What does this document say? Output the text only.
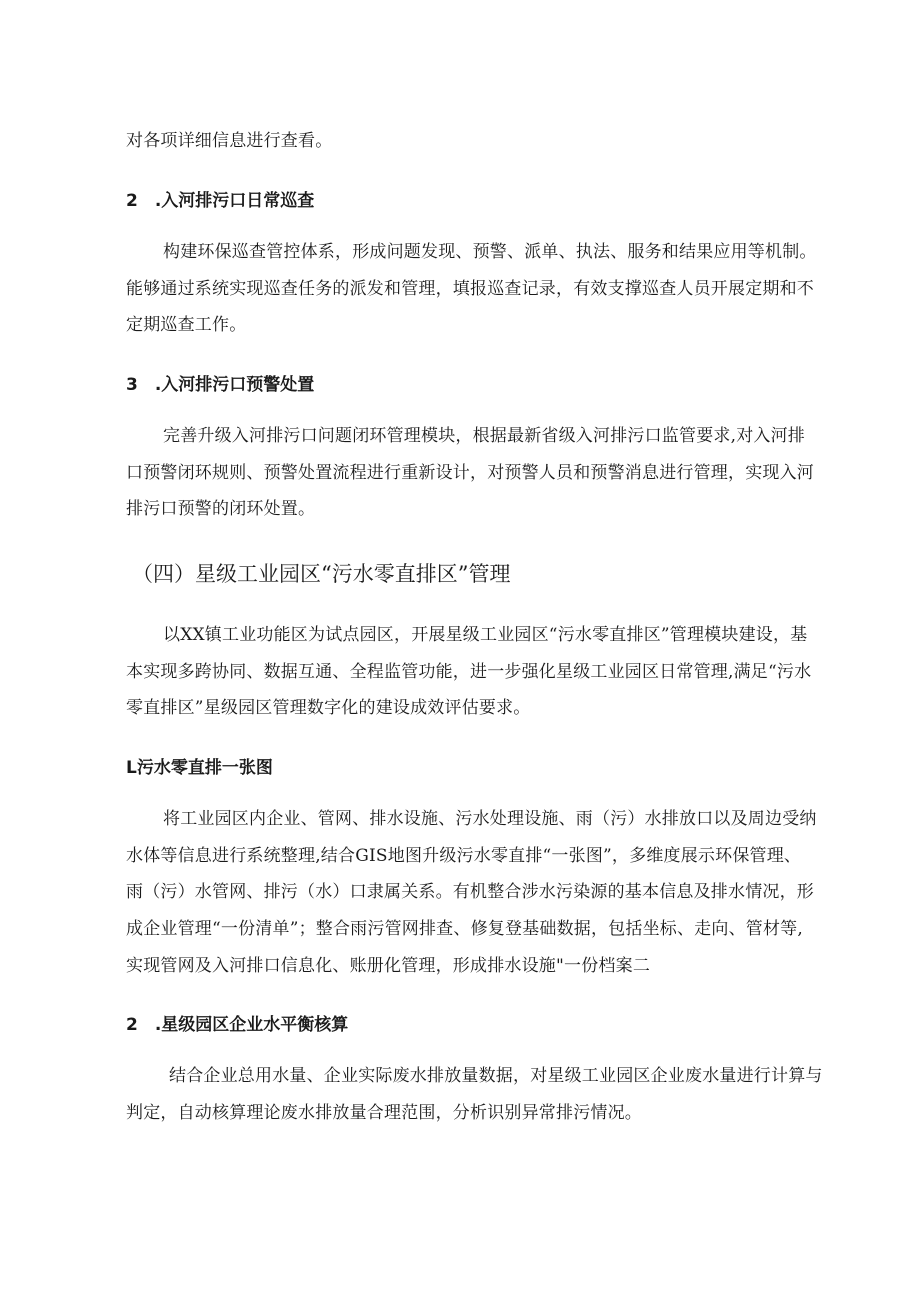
对各项详细信息进行查看。
2　.入河排污口日常巡查
构建环保巡查管控体系，形成问题发现、预警、派单、执法、服务和结果应用等机制。
能够通过系统实现巡查任务的派发和管理，填报巡查记录，有效支撑巡查人员开展定期和不
定期巡查工作。
3　.入河排污口预警处置
完善升级入河排污口问题闭环管理模块，根据最新省级入河排污口监管要求,对入河排
口预警闭环规则、预警处置流程进行重新设计，对预警人员和预警消息进行管理，实现入河
排污口预警的闭环处置。
（四）星级工业园区“污水零直排区”管理
以XX镇工业功能区为试点园区，开展星级工业园区“污水零直排区”管理模块建设，基
本实现多跨协同、数据互通、全程监管功能，进一步强化星级工业园区日常管理,满足“污水
零直排区”星级园区管理数字化的建设成效评估要求。
L污水零直排一张图
将工业园区内企业、管网、排水设施、污水处理设施、雨（污）水排放口以及周边受纳
水体等信息进行系统整理,结合GIS地图升级污水零直排“一张图”，多维度展示环保管理、
雨（污）水管网、排污（水）口隶属关系。有机整合涉水污染源的基本信息及排水情况，形
成企业管理“一份清单”；整合雨污管网排查、修复登基础数据，包括坐标、走向、管材等,
实现管网及入河排口信息化、账册化管理，形成排水设施"一份档案二
2　.星级园区企业水平衡核算
结合企业总用水量、企业实际废水排放量数据，对星级工业园区企业废水量进行计算与
判定，自动核算理论废水排放量合理范围，分析识别异常排污情况。
